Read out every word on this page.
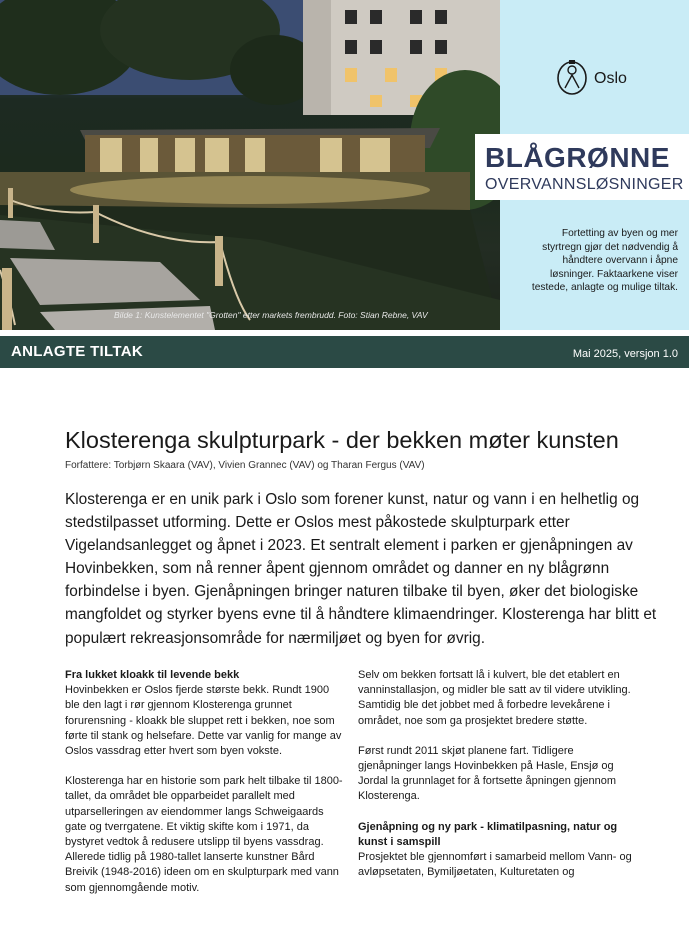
Bilde 1: Kunstelementet "Grotten" etter markets frembrudd. Foto: Stian Rebne, VAV
Oslo
BLÅGRØNNE
OVERVANNSLØSNINGER
Fortetting av byen og mer styrtregn gjør det nødvendig å håndtere overvann i åpne løsninger. Faktaarkene viser testede, anlagte og mulige tiltak.
ANLAGTE TILTAK	Mai 2025, versjon 1.0
Klosterenga skulpturpark - der bekken møter kunsten
Forfattere: Torbjørn Skaara (VAV), Vivien Grannec (VAV) og Tharan Fergus (VAV)
Klosterenga er en unik park i Oslo som forener kunst, natur og vann i en helhetlig og stedstilpasset utforming. Dette er Oslos mest påkostede skulpturpark etter Vigelandsanlegget og åpnet i 2023. Et sentralt element i parken er gjenåpningen av Hovinbekken, som nå renner åpent gjennom området og danner en ny blågrønn forbindelse i byen. Gjenåpningen bringer naturen tilbake til byen, øker det biologiske mangfoldet og styrker byens evne til å håndtere klimaendringer. Klosterenga har blitt et populært rekreasjonsområde for nærmiljøet og byen for øvrig.
Fra lukket kloakk til levende bekk

Hovinbekken er Oslos fjerde største bekk. Rundt 1900 ble den lagt i rør gjennom Klosterenga grunnet forurensning - kloakk ble sluppet rett i bekken, noe som førte til stank og helsefare. Dette var vanlig for mange av Oslos vassdrag etter hvert som byen vokste.

Klosterenga har en historie som park helt tilbake til 1800-tallet, da området ble opparbeidet parallelt med utparselleringen av eiendommer langs Schweigaards gate og tverrgatene. Et viktig skifte kom i 1971, da bystyret vedtok å redusere utslipp til byens vassdrag. Allerede tidlig på 1980-tallet lanserte kunstner Bård Breivik (1948-2016) ideen om en skulpturpark med vann som gjennomgående motiv.

Selv om bekken fortsatt lå i kulvert, ble det etablert en vanninstallasjon, og midler ble satt av til videre utvikling. Samtidig ble det jobbet med å forbedre levekårene i området, noe som ga prosjektet bredere støtte.

Først rundt 2011 skjøt planene fart. Tidligere gjenåpninger langs Hovinbekken på Hasle, Ensjø og Jordal la grunnlaget for å fortsette åpningen gjennom Klosterenga.

Gjenåpning og ny park - klimatilpasning, natur og kunst i samspill

Prosjektet ble gjennomført i samarbeid mellom Vann- og avløpsetaten, Bymiljøetaten, Kulturetaten og
